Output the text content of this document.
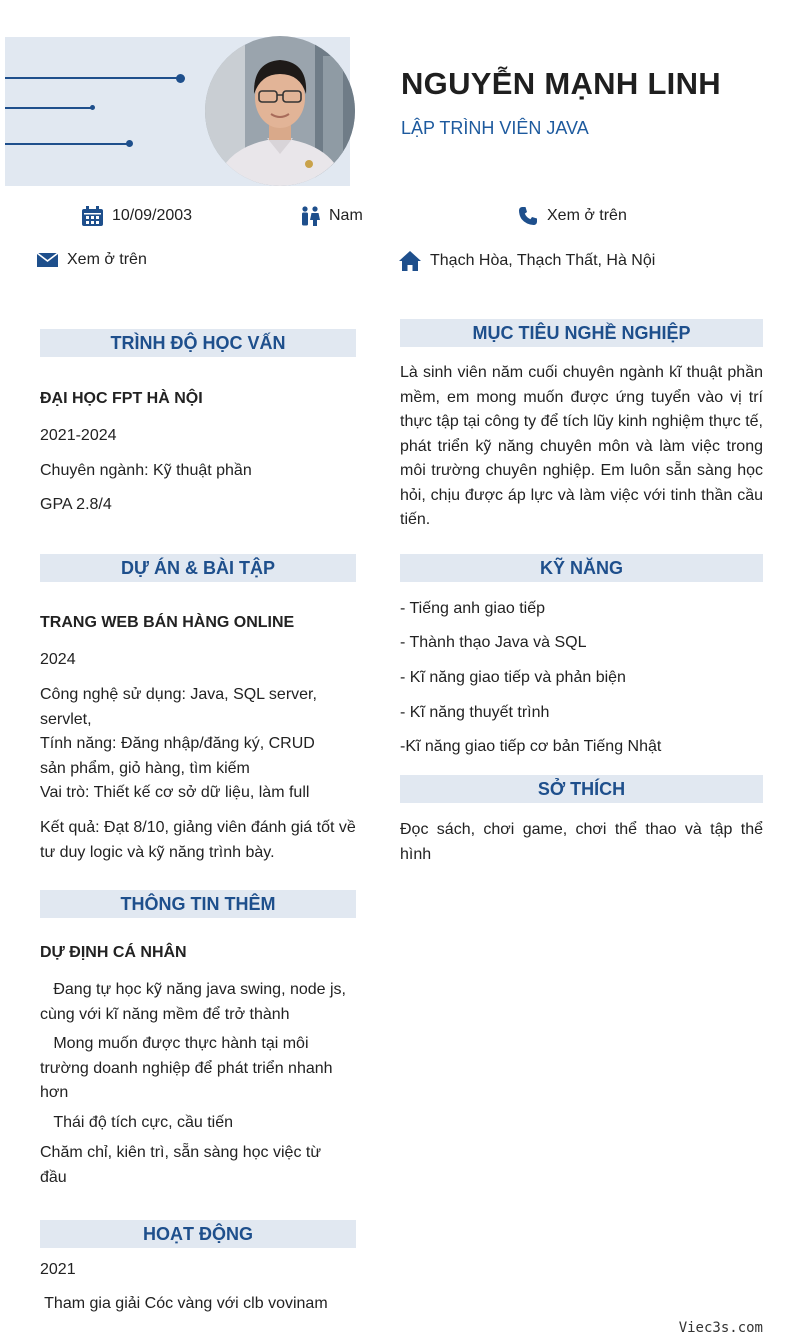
NGUYỄN MẠNH LINH
LẬP TRÌNH VIÊN JAVA
10/09/2003	Nam	Xem ở trên
Xem ở trên	Thạch Hòa, Thạch Thất, Hà Nội
TRÌNH ĐỘ HỌC VẤN
ĐẠI HỌC FPT HÀ NỘI
2021-2024
Chuyên ngành: Kỹ thuật phần
GPA 2.8/4
DỰ ÁN & BÀI TẬP
TRANG WEB BÁN HÀNG ONLINE
2024
Công nghệ sử dụng: Java, SQL server, servlet,
Tính năng: Đăng nhập/đăng ký, CRUD sản phẩm, giỏ hàng, tìm kiếm
Vai trò: Thiết kế cơ sở dữ liệu, làm full
Kết quả: Đạt 8/10, giảng viên đánh giá tốt về tư duy logic và kỹ năng trình bày.
THÔNG TIN THÊM
DỰ ĐỊNH CÁ NHÂN
Đang tự học kỹ năng java swing, node js, cùng với kĩ năng mềm để trở thành
Mong muốn được thực hành tại môi trường doanh nghiệp để phát triển nhanh hơn
Thái độ tích cực, cầu tiến
Chăm chỉ, kiên trì, sẵn sàng học việc từ đầu
HOẠT ĐỘNG
2021
Tham gia giải Cóc vàng với clb vovinam
MỤC TIÊU NGHỀ NGHIỆP
Là sinh viên năm cuối chuyên ngành kĩ thuật phần mềm, em mong muốn được ứng tuyển vào vị trí thực tập tại công ty để tích lũy kinh nghiệm thực tế, phát triển kỹ năng chuyên môn và làm việc trong môi trường chuyên nghiệp. Em luôn sẵn sàng học hỏi, chịu được áp lực và làm việc với tinh thần cầu tiến.
KỸ NĂNG
- Tiếng anh giao tiếp
- Thành thạo Java và SQL
- Kĩ năng giao tiếp và phản biện
- Kĩ năng thuyết trình
-Kĩ năng giao tiếp cơ bản Tiếng Nhật
SỞ THÍCH
Đọc sách, chơi game, chơi thể thao và tập thể hình
Viec3s.com
